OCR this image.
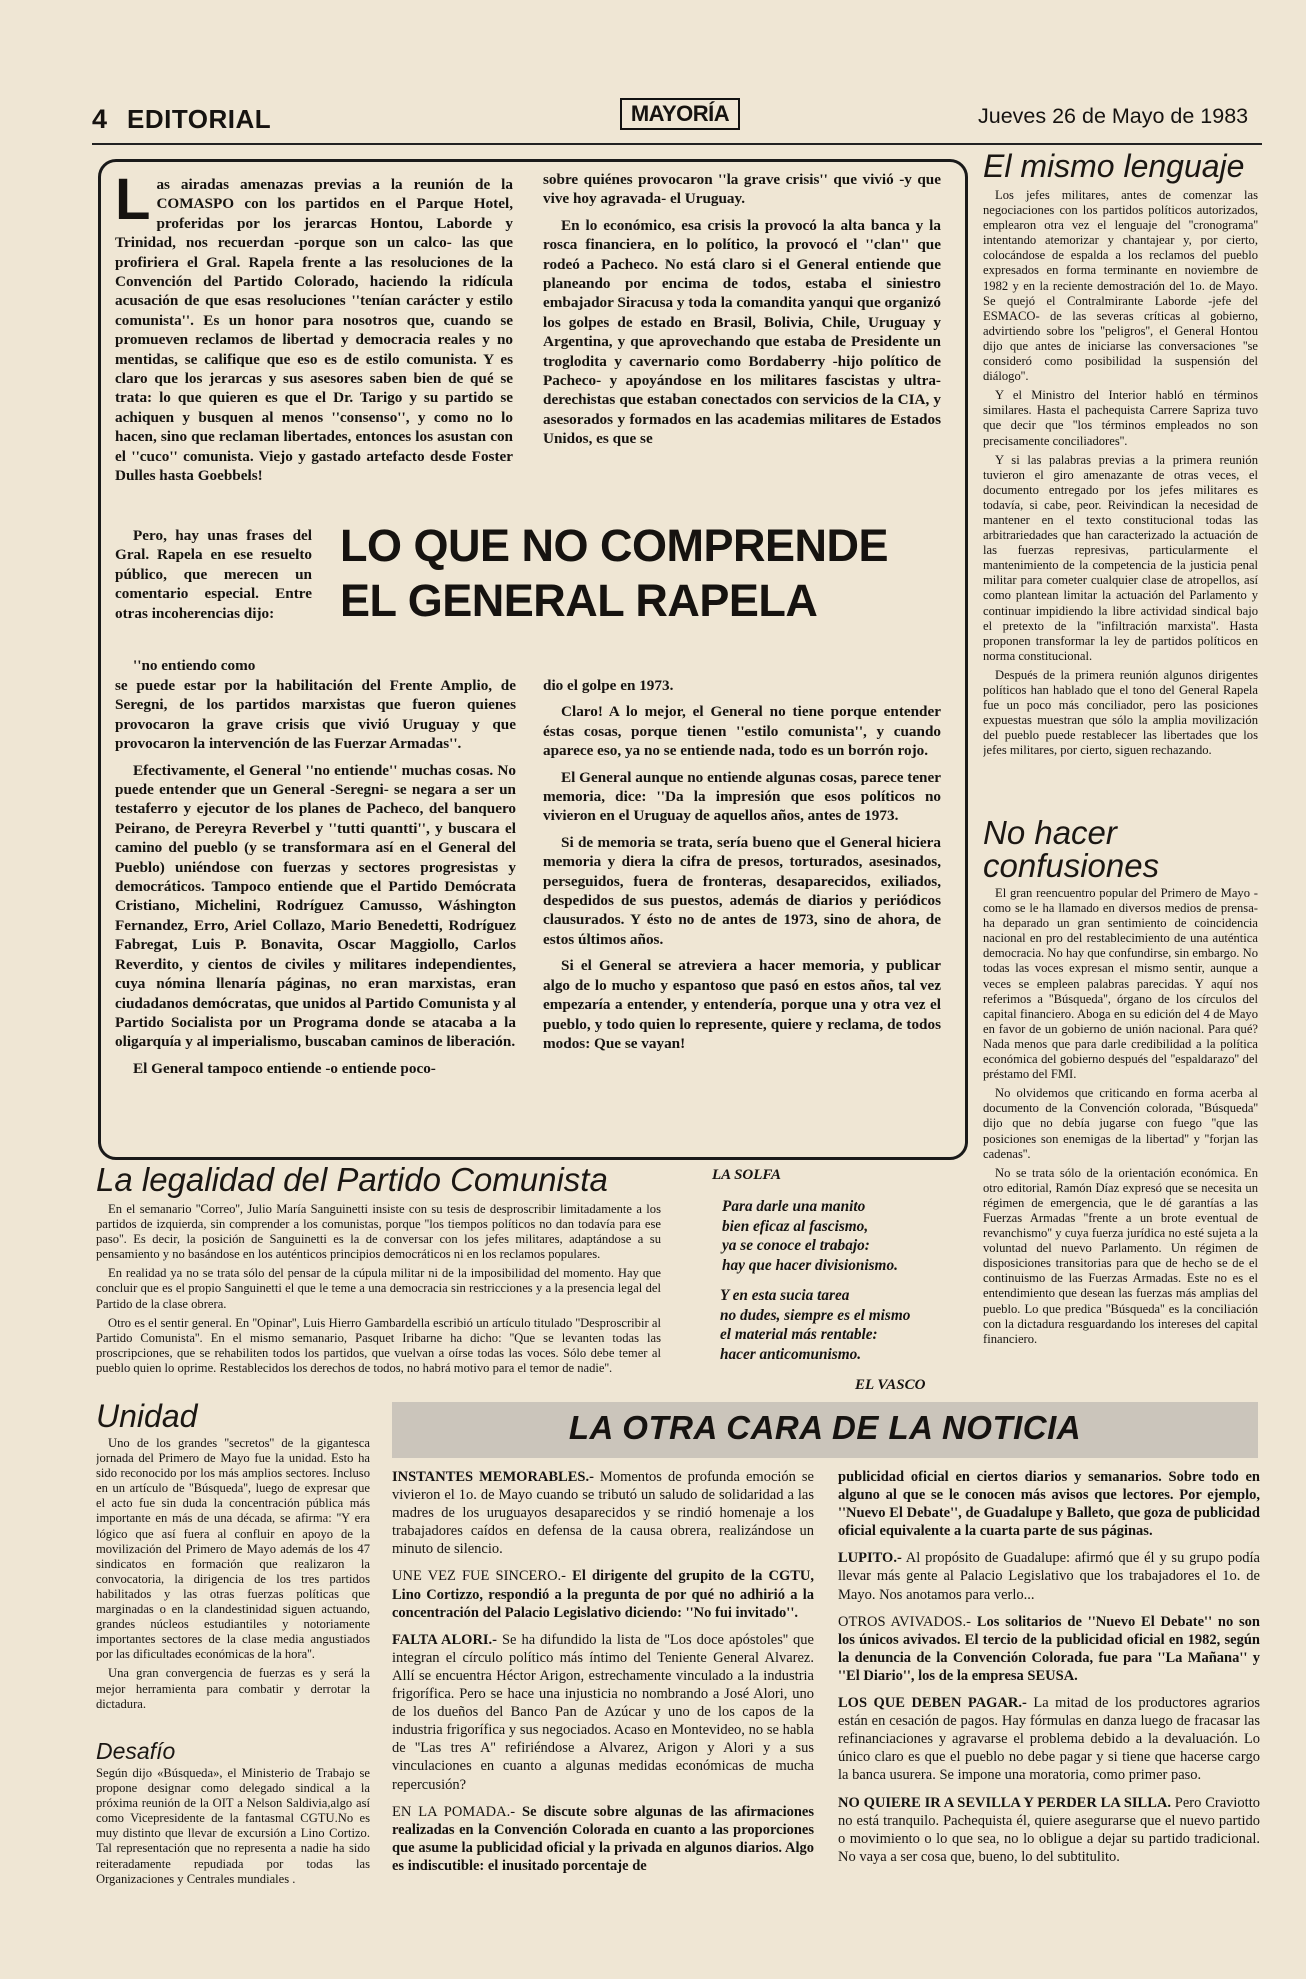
4 EDITORIAL	MAYORÍA	Jueves 26 de Mayo de 1983
Las airadas amenazas previas a la reunión de la COMASPO con los partidos en el Parque Hotel, proferidas por los jerarcas Hontou, Laborde y Trinidad, nos recuerdan -porque son un calco- las que profiriera el Gral. Rapela frente a las resoluciones de la Convención del Partido Colorado, haciendo la ridícula acusación de que esas resoluciones ''tenían carácter y estilo comunista''. Es un honor para nosotros que, cuando se promueven reclamos de libertad y democracia reales y no mentidas, se califique que eso es de estilo comunista. Y es claro que los jerarcas y sus asesores saben bien de qué se trata: lo que quieren es que el Dr. Tarigo y su partido se achiquen y busquen al menos ''consenso'', y como no lo hacen, sino que reclaman libertades, entonces los asustan con el ''cuco'' comunista. Viejo y gastado artefacto desde Foster Dulles hasta Goebbels!

Pero, hay unas frases del Gral. Rapela en ese resuelto público, que merecen un comentario especial. Entre otras incoherencias dijo:

''no entiendo como
LO QUE NO COMPRENDE
EL GENERAL RAPELA

se puede estar por la habilitación del Frente Amplio, de Seregni, de los partidos marxistas que fueron quienes provocaron la grave crisis que vivió Uruguay y que provocaron la intervención de las Fuerzar Armadas''.

Efectivamente, el General ''no entiende'' muchas cosas. No puede entender que un General -Seregni- se negara a ser un testaferro y ejecutor de los planes de Pacheco, del banquero Peirano, de Pereyra Reverbel y ''tutti quantti'', y buscara el camino del pueblo (y se transformara así en el General del Pueblo) uniéndose con fuerzas y sectores progresistas y democráticos. Tampoco entiende que el Partido Demócrata Cristiano, Michelini, Rodríguez Camusso, Wáshington Fernandez, Erro, Ariel Collazo, Mario Benedetti, Rodríguez Fabregat, Luis P. Bonavita, Oscar Maggiollo, Carlos Reverdito, y cientos de civiles y militares independientes, cuya nómina llenaría páginas, no eran marxistas, eran ciudadanos demócratas, que unidos al Partido Comunista y al Partido Socialista por un Programa donde se atacaba a la oligarquía y al imperialismo, buscaban caminos de liberación.

El General tampoco entiende -o entiende poco-

sobre quiénes provocaron ''la grave crisis'' que vivió -y que vive hoy agravada- el Uruguay.

En lo económico, esa crisis la provocó la alta banca y la rosca financiera, en lo político, la provocó el ''clan'' que rodeó a Pacheco. No está claro si el General entiende que planeando por encima de todos, estaba el siniestro embajador Siracusa y toda la comandita yanqui que organizó los golpes de estado en Brasil, Bolivia, Chile, Uruguay y Argentina, y que aprovechando que estaba de Presidente un troglodita y cavernario como Bordaberry -hijo político de Pacheco- y apoyándose en los militares fascistas y ultra-derechistas que estaban conectados con servicios de la CIA, y asesorados y formados en las academias militares de Estados Unidos, es que se

dio el golpe en 1973.

Claro! A lo mejor, el General no tiene porque entender éstas cosas, porque tienen ''estilo comunista'', y cuando aparece eso, ya no se entiende nada, todo es un borrón rojo.

El General aunque no entiende algunas cosas, parece tener memoria, dice: ''Da la impresión que esos políticos no vivieron en el Uruguay de aquellos años, antes de 1973.

Si de memoria se trata, sería bueno que el General hiciera memoria y diera la cifra de presos, torturados, asesinados, perseguidos, fuera de fronteras, desaparecidos, exiliados, despedidos de sus puestos, además de diarios y periódicos clausurados. Y ésto no de antes de 1973, sino de ahora, de estos últimos años.

Si el General se atreviera a hacer memoria, y publicar algo de lo mucho y espantoso que pasó en estos años, tal vez empezaría a entender, y entendería, porque una y otra vez el pueblo, y todo quien lo represente, quiere y reclama, de todos modos: Que se vayan!

El mismo lenguaje

Los jefes militares, antes de comenzar las negociaciones con los partidos políticos autorizados, emplearon otra vez el lenguaje del ''cronograma'' intentando atemorizar y chantajear y, por cierto, colocándose de espalda a los reclamos del pueblo expresados en forma terminante en noviembre de 1982 y en la reciente demostración del 1o. de Mayo. Se quejó el Contralmirante Laborde -jefe del ESMACO- de las severas críticas al gobierno, advirtiendo sobre los ''peligros'', el General Hontou dijo que antes de iniciarse las conversaciones ''se consideró como posibilidad la suspensión del diálogo''.

Y el Ministro del Interior habló en términos similares. Hasta el pachequista Carrere Sapriza tuvo que decir que ''los términos empleados no son precisamente conciliadores''.

Y si las palabras previas a la primera reunión tuvieron el giro amenazante de otras veces, el documento entregado por los jefes militares es todavía, si cabe, peor. Reivindican la necesidad de mantener en el texto constitucional todas las arbitrariedades que han caracterizado la actuación de las fuerzas represivas, particularmente el mantenimiento de la competencia de la justicia penal militar para cometer cualquier clase de atropellos, así como plantean limitar la actuación del Parlamento y continuar impidiendo la libre actividad sindical bajo el pretexto de la ''infiltración marxista''. Hasta proponen transformar la ley de partidos políticos en norma constitucional.

Después de la primera reunión algunos dirigentes políticos han hablado que el tono del General Rapela fue un poco más conciliador, pero las posiciones expuestas muestran que sólo la amplia movilización del pueblo puede restablecer las libertades que los jefes militares, por cierto, siguen rechazando.

No hacer
confusiones

El gran reencuentro popular del Primero de Mayo -como se le ha llamado en diversos medios de prensa- ha deparado un gran sentimiento de coincidencia nacional en pro del restablecimiento de una auténtica democracia. No hay que confundirse, sin embargo. No todas las voces expresan el mismo sentir, aunque a veces se empleen palabras parecidas. Y aquí nos referimos a ''Búsqueda'', órgano de los círculos del capital financiero. Aboga en su edición del 4 de Mayo en favor de un gobierno de unión nacional. Para qué? Nada menos que para darle credibilidad a la política económica del gobierno después del ''espaldarazo'' del préstamo del FMI.

No olvidemos que criticando en forma acerba al documento de la Convención colorada, ''Búsqueda'' dijo que no debía jugarse con fuego ''que las posiciones son enemigas de la libertad'' y ''forjan las cadenas''.

No se trata sólo de la orientación económica. En otro editorial, Ramón Díaz expresó que se necesita un régimen de emergencia, que le dé garantías a las Fuerzas Armadas ''frente a un brote eventual de revanchismo'' y cuya fuerza jurídica no esté sujeta a la voluntad del nuevo Parlamento. Un régimen de disposiciones transitorias para que de hecho se de el continuismo de las Fuerzas Armadas. Este no es el entendimiento que desean las fuerzas más amplias del pueblo. Lo que predica ''Búsqueda'' es la conciliación con la dictadura resguardando los intereses del capital financiero.

La legalidad del Partido Comunista

En el semanario ''Correo'', Julio María Sanguinetti insiste con su tesis de desproscribir limitadamente a los partidos de izquierda, sin comprender a los comunistas, porque ''los tiempos políticos no dan todavía para ese paso''. Es decir, la posición de Sanguinetti es la de conversar con los jefes militares, adaptándose a su pensamiento y no basándose en los auténticos principios democráticos ni en los reclamos populares.

En realidad ya no se trata sólo del pensar de la cúpula militar ni de la imposibilidad del momento. Hay que concluir que es el propio Sanguinetti el que le teme a una democracia sin restricciones y a la presencia legal del Partido de la clase obrera.

Otro es el sentir general. En ''Opinar'', Luis Hierro Gambardella escribió un artículo titulado ''Desproscribir al Partido Comunista''. En el mismo semanario, Pasquet Iribarne ha dicho: ''Que se levanten todas las proscripciones, que se rehabiliten todos los partidos, que vuelvan a oírse todas las voces. Sólo debe temer al pueblo quien lo oprime. Restablecidos los derechos de todos, no habrá motivo para el temor de nadie''.

LA SOLFA
Para darle una manito
bien eficaz al fascismo,
ya se conoce el trabajo:
hay que hacer divisionismo.
Y en esta sucia tarea
no dudes, siempre es el mismo
el material más rentable:
hacer anticomunismo.
EL VASCO
Unidad

Uno de los grandes ''secretos'' de la gigantesca jornada del Primero de Mayo fue la unidad. Esto ha sido reconocido por los más amplios sectores. Incluso en un artículo de ''Búsqueda'', luego de expresar que el acto fue sin duda la concentración pública más importante en más de una década, se afirma: ''Y era lógico que así fuera al confluir en apoyo de la movilización del Primero de Mayo además de los 47 sindicatos en formación que realizaron la convocatoria, la dirigencia de los tres partidos habilitados y las otras fuerzas políticas que marginadas o en la clandestinidad siguen actuando, grandes núcleos estudiantiles y notoriamente importantes sectores de la clase media angustiados por las dificultades económicas de la hora''.

Una gran convergencia de fuerzas es y será la mejor herramienta para combatir y derrotar la dictadura.

Desafío

Según dijo «Búsqueda», el Ministerio de Trabajo se propone designar como delegado sindical a la próxima reunión de la OIT a Nelson Saldivia,algo así como Vicepresidente de la fantasmal CGTU.No es muy distinto que llevar de excursión a Lino Cortizo. Tal representación que no representa a nadie ha sido reiteradamente repudiada por todas las Organizaciones y Centrales mundiales .

LA OTRA CARA DE LA NOTICIA

INSTANTES MEMORABLES.- Momentos de profunda emoción se vivieron el 1o. de Mayo cuando se tributó un saludo de solidaridad a las madres de los uruguayos desaparecidos y se rindió homenaje a los trabajadores caídos en defensa de la causa obrera, realizándose un minuto de silencio.

UNE VEZ FUE SINCERO.- El dirigente del grupito de la CGTU, Lino Cortizzo, respondió a la pregunta de por qué no adhirió a la concentración del Palacio Legislativo diciendo: ''No fui invitado''.

FALTA ALORI.- Se ha difundido la lista de ''Los doce apóstoles'' que integran el círculo político más íntimo del Teniente General Alvarez. Allí se encuentra Héctor Arigon, estrechamente vinculado a la industria frigorífica. Pero se hace una injusticia no nombrando a José Alori, uno de los dueños del Banco Pan de Azúcar y uno de los capos de la industria frigorífica y sus negociados. Acaso en Montevideo, no se habla de ''Las tres A'' refiriéndose a Alvarez, Arigon y Alori y a sus vinculaciones en cuanto a algunas medidas económicas de mucha repercusión?

EN LA POMADA.- Se discute sobre algunas de las afirmaciones realizadas en la Convención Colorada en cuanto a las proporciones que asume la publicidad oficial y la privada en algunos diarios. Algo es indiscutible: el inusitado porcentaje de

publicidad oficial en ciertos diarios y semanarios. Sobre todo en alguno al que se le conocen más avisos que lectores. Por ejemplo, ''Nuevo El Debate'', de Guadalupe y Balleto, que goza de publicidad oficial equivalente a la cuarta parte de sus páginas.

LUPITO.- Al propósito de Guadalupe: afirmó que él y su grupo podía llevar más gente al Palacio Legislativo que los trabajadores el 1o. de Mayo. Nos anotamos para verlo...

OTROS AVIVADOS.- Los solitarios de ''Nuevo El Debate'' no son los únicos avivados. El tercio de la publicidad oficial en 1982, según la denuncia de la Convención Colorada, fue para ''La Mañana'' y ''El Diario'', los de la empresa SEUSA.

LOS QUE DEBEN PAGAR.- La mitad de los productores agrarios están en cesación de pagos. Hay fórmulas en danza luego de fracasar las refinanciaciones y agravarse el problema debido a la devaluación. Lo único claro es que el pueblo no debe pagar y si tiene que hacerse cargo la banca usurera. Se impone una moratoria, como primer paso.

NO QUIERE IR A SEVILLA Y PERDER LA SILLA. Pero Craviotto no está tranquilo. Pachequista él, quiere asegurarse que el nuevo partido o movimiento o lo que sea, no lo obligue a dejar su partido tradicional. No vaya a ser cosa que, bueno, lo del subtitulito.
